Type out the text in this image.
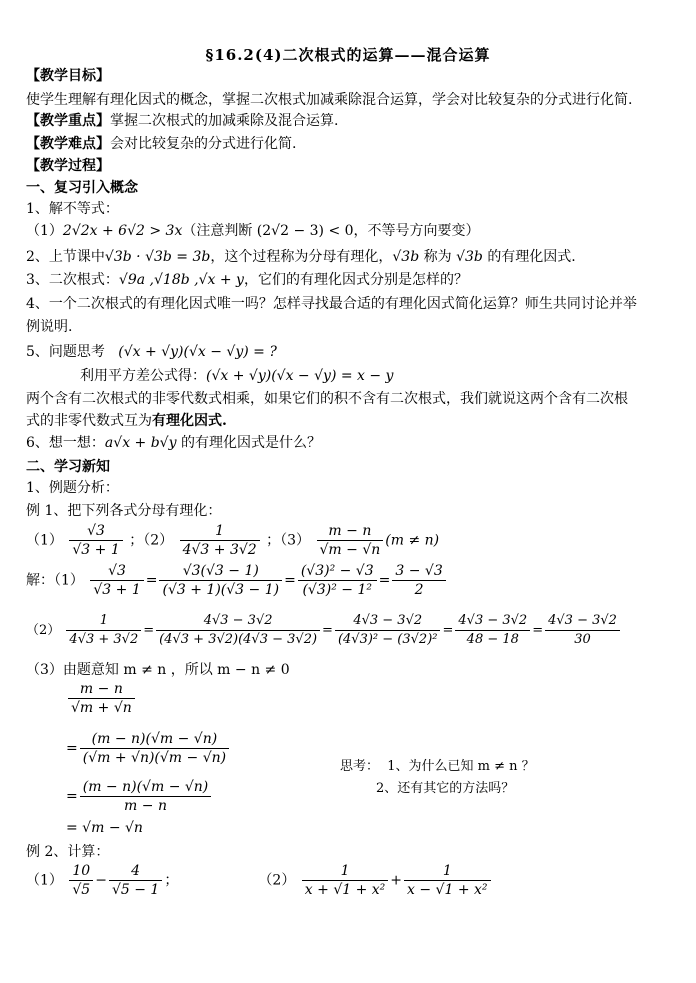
§16.2(4)二次根式的运算——混合运算
【教学目标】
使学生理解有理化因式的概念，掌握二次根式加减乘除混合运算，学会对比较复杂的分式进行化简.
【教学重点】掌握二次根式的加减乘除及混合运算.
【教学难点】会对比较复杂的分式进行化简.
【教学过程】
一、复习引入概念
1、解不等式：
（1）2√2x + 6√2 > 3x（注意判断 (2√2 − 3) < 0，不等号方向要变）
2、上节课中√3b · √3b = 3b，这个过程称为分母有理化，√3b 称为 √3b 的有理化因式.
3、二次根式：√9a ,√18b ,√x + y，它们的有理化因式分别是怎样的？
4、一个二次根式的有理化因式唯一吗？怎样寻找最合适的有理化因式简化运算？师生共同讨论并举
例说明.
5、问题思考 (√x + √y)(√x − √y) = ?
利用平方差公式得：(√x + √y)(√x − √y) = x − y
两个含有二次根式的非零代数式相乘，如果它们的积不含有二次根式，我们就说这两个含有二次根
式的非零代数式互为有理化因式.
6、想一想：a√x + b√y 的有理化因式是什么？
二、学习新知
1、例题分析：
例 1、把下列各式分母有理化：
$(1) \frac{√3}{√3 + 1}$ ；$(2) \frac{1}{4√3 + 3√2}$ ；$(3) \frac{m - n}{√m - √n} (m \ne n)$
解：$(1) \frac{√3}{√3 + 1} = \frac{√3(√3 - 1)}{(√3 + 1)(√3 - 1)} = \frac{\text{(√3)² − √3}}{\text{(√3)² − 1²}} = \frac{3 - √3}{2}$
$(2) \frac{1}{4√3 + 3√2} = \frac{4√3 - 3√2}{(4√3 + 3√2)(4√3 - 3√2)} = \frac{4√3 - 3√2}{\text{(4√3)² − (3√2)²}} = \frac{4√3 - 3√2}{48 - 18} = \frac{4√3 - 3√2}{30}$
（3）由题意知 m ≠ n ，所以 m − n ≠ 0
$\frac{m - n}{√m + √n}$
= $\frac{(m - n)(√m - √n)}{(√m + √n)(√m - √n)}$
= $\frac{(m - n)(√m - √n)}{m - n}$
= √m − √n
思考： 1、为什么已知 m ≠ n ？
2、还有其它的方法吗？
例 2、计算：
$(1) \frac{10}{√5} - \frac{4}{√5 - 1}$ ；	$(2) \frac{1}{\text{x + √1 + x²}} + \frac{1}{\text{x − √1 + x²}}$
